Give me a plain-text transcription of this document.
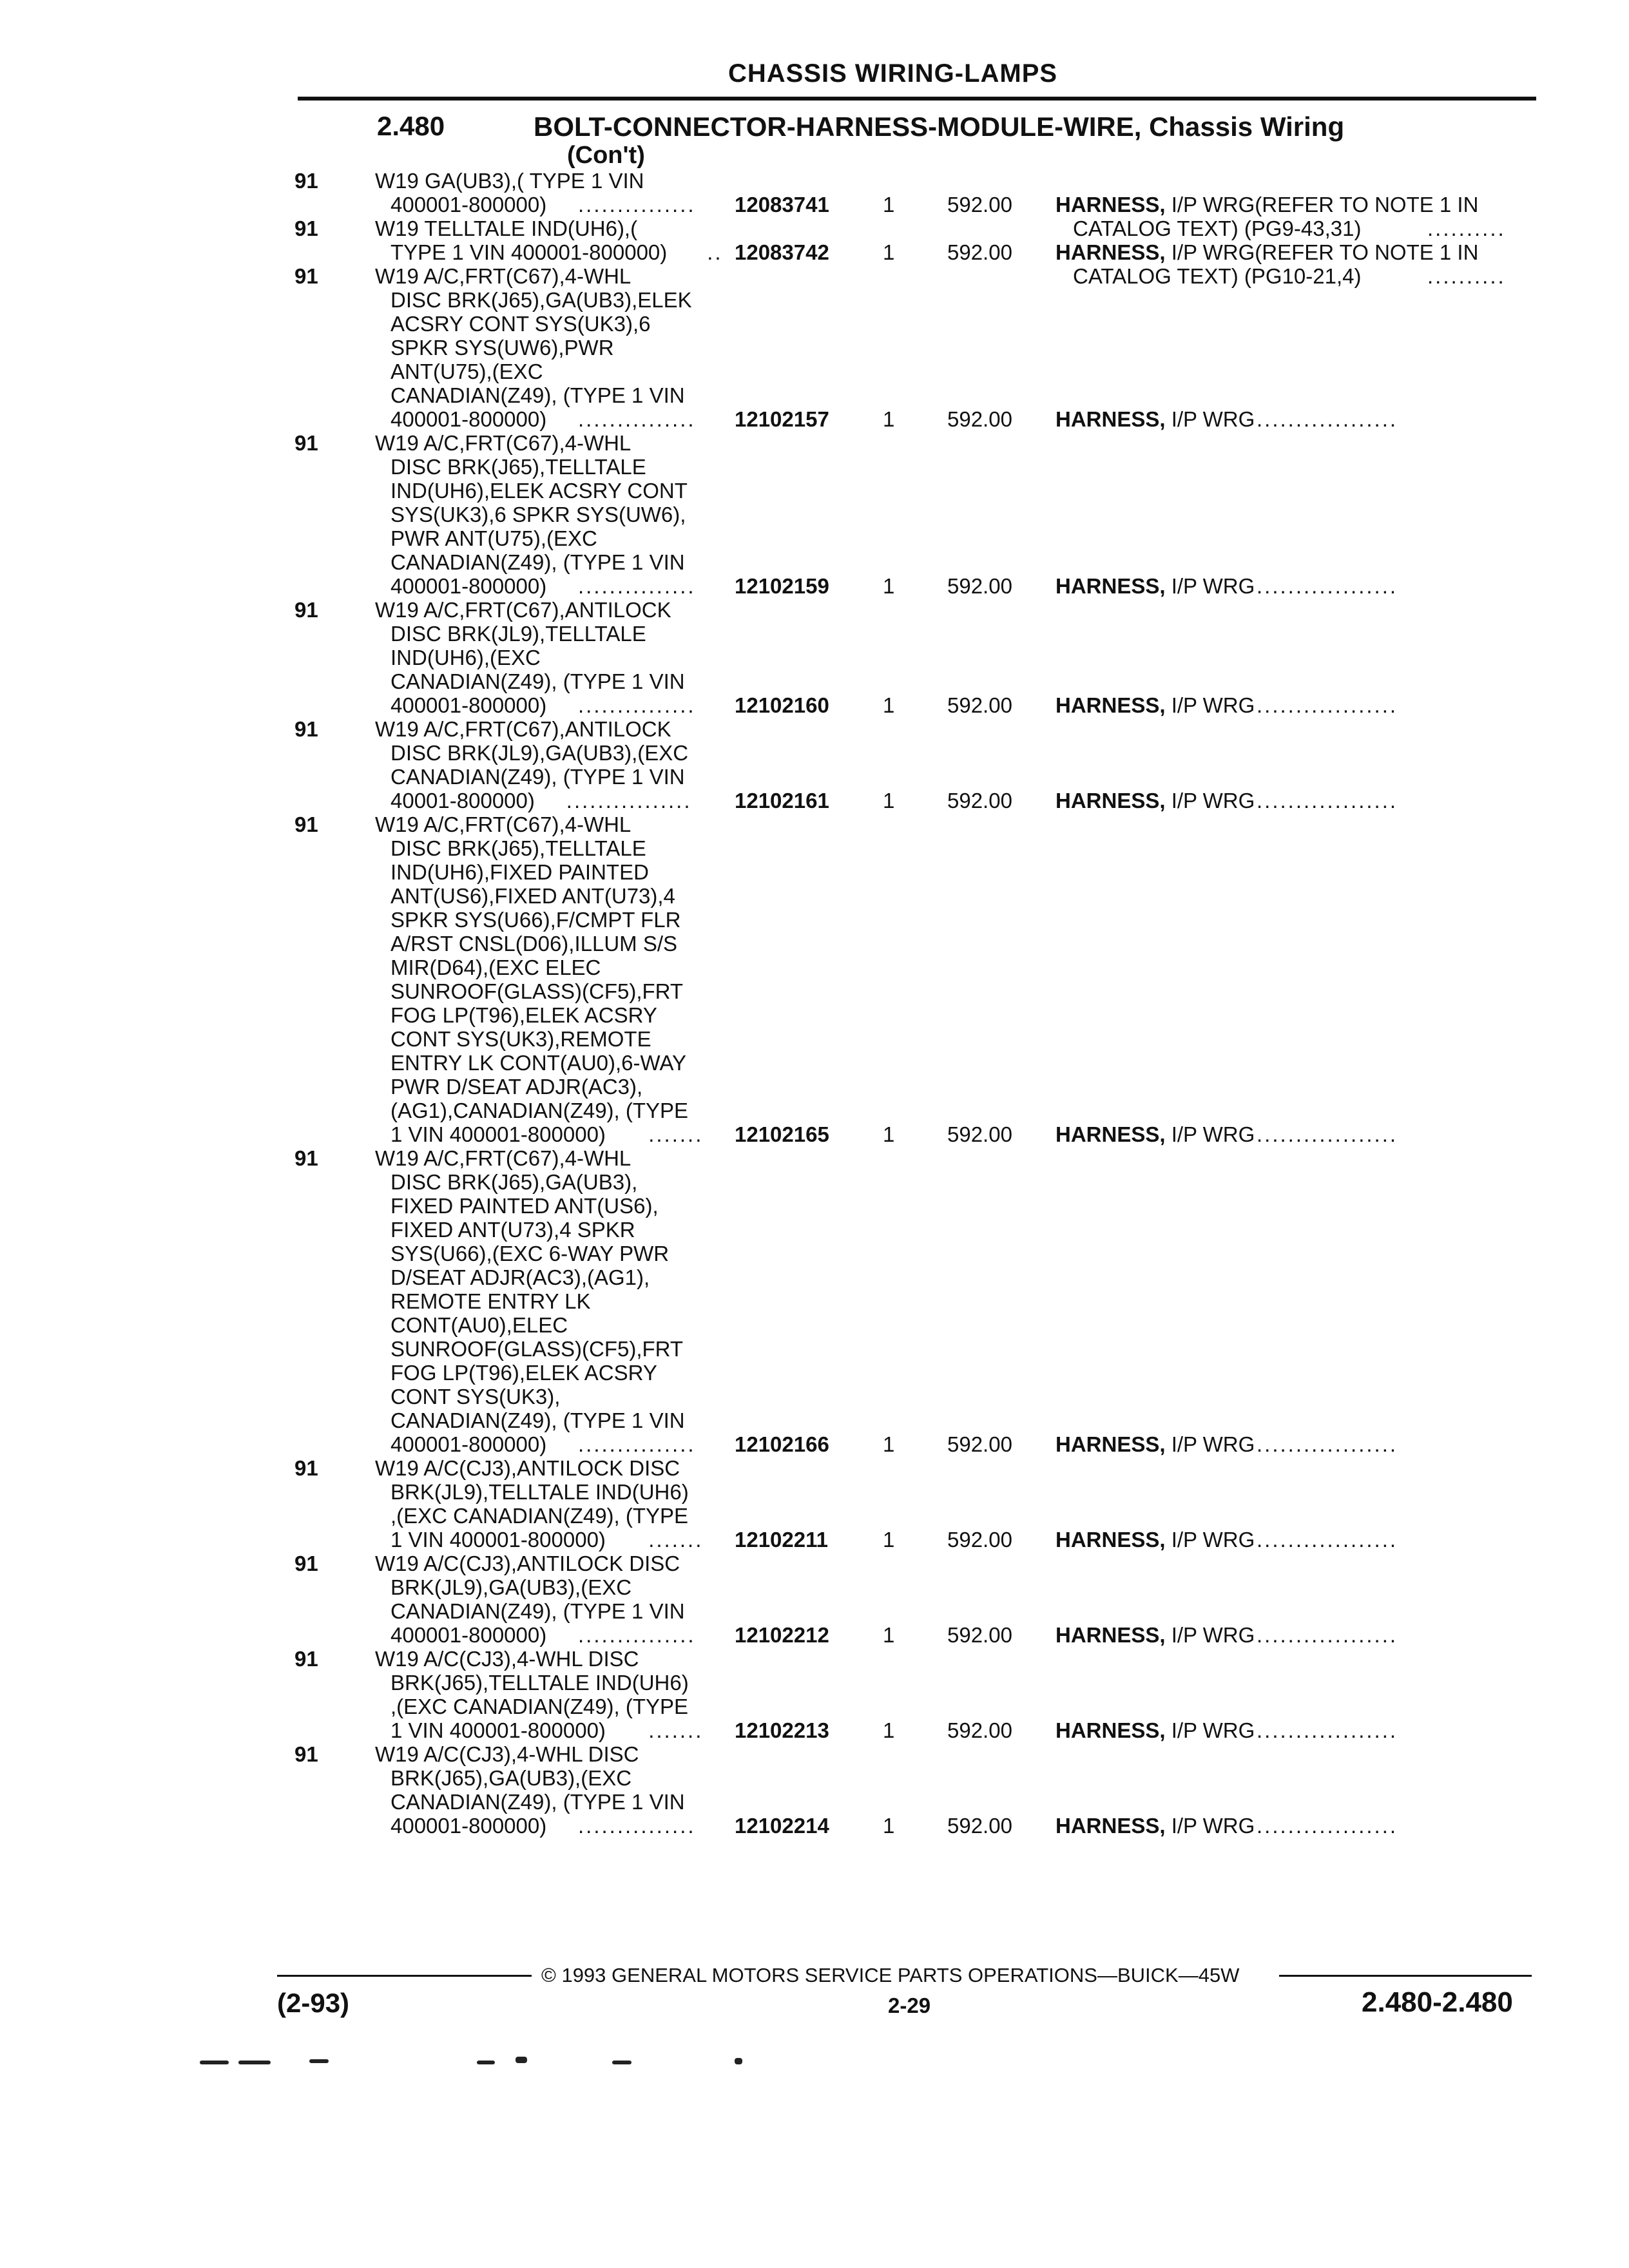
CHASSIS WIRING-LAMPS
2.480	BOLT-CONNECTOR-HARNESS-MODULE-WIRE, Chassis Wiring
(Con't)
91	W19 GA(UB3),( TYPE 1 VIN
400001-800000)	............... 12083741	1 592.00 HARNESS, I/P WRG(REFER TO NOTE 1 IN
CATALOG TEXT) (PG9-43,31)	..........
91	W19 TELLTALE IND(UH6),(
TYPE 1 VIN 400001-800000)	.. 12083742	1 592.00 HARNESS, I/P WRG(REFER TO NOTE 1 IN
CATALOG TEXT) (PG10-21,4)	..........
91	W19 A/C,FRT(C67),4-WHL
DISC BRK(J65),GA(UB3),ELEK
ACSRY CONT SYS(UK3),6
SPKR SYS(UW6),PWR
ANT(U75),(EXC
CANADIAN(Z49), (TYPE 1 VIN
400001-800000)	............... 12102157	1 592.00 HARNESS, I/P WRG ..................
91	W19 A/C,FRT(C67),4-WHL
DISC BRK(J65),TELLTALE
IND(UH6),ELEK ACSRY CONT
SYS(UK3),6 SPKR SYS(UW6),
PWR ANT(U75),(EXC
CANADIAN(Z49), (TYPE 1 VIN
400001-800000)	............... 12102159	1 592.00 HARNESS, I/P WRG ..................
91	W19 A/C,FRT(C67),ANTILOCK
DISC BRK(JL9),TELLTALE
IND(UH6),(EXC
CANADIAN(Z49), (TYPE 1 VIN
400001-800000)	............... 12102160	1 592.00 HARNESS, I/P WRG ..................
91	W19 A/C,FRT(C67),ANTILOCK
DISC BRK(JL9),GA(UB3),(EXC
CANADIAN(Z49), (TYPE 1 VIN
40001-800000)	................ 12102161	1 592.00 HARNESS, I/P WRG ..................
91	W19 A/C,FRT(C67),4-WHL
DISC BRK(J65),TELLTALE
IND(UH6),FIXED PAINTED
ANT(US6),FIXED ANT(U73),4
SPKR SYS(U66),F/CMPT FLR
A/RST CNSL(D06),ILLUM S/S
MIR(D64),(EXC ELEC
SUNROOF(GLASS)(CF5),FRT
FOG LP(T96),ELEK ACSRY
CONT SYS(UK3),REMOTE
ENTRY LK CONT(AU0),6-WAY
PWR D/SEAT ADJR(AC3),
(AG1),CANADIAN(Z49), (TYPE
1 VIN 400001-800000)	....... 12102165	1 592.00 HARNESS, I/P WRG ..................
91	W19 A/C,FRT(C67),4-WHL
DISC BRK(J65),GA(UB3),
FIXED PAINTED ANT(US6),
FIXED ANT(U73),4 SPKR
SYS(U66),(EXC 6-WAY PWR
D/SEAT ADJR(AC3),(AG1),
REMOTE ENTRY LK
CONT(AU0),ELEC
SUNROOF(GLASS)(CF5),FRT
FOG LP(T96),ELEK ACSRY
CONT SYS(UK3),
CANADIAN(Z49), (TYPE 1 VIN
400001-800000)	............... 12102166	1 592.00 HARNESS, I/P WRG ..................
91	W19 A/C(CJ3),ANTILOCK DISC
BRK(JL9),TELLTALE IND(UH6)
,(EXC CANADIAN(Z49), (TYPE
1 VIN 400001-800000)	....... 12102211	1 592.00 HARNESS, I/P WRG ..................
91	W19 A/C(CJ3),ANTILOCK DISC
BRK(JL9),GA(UB3),(EXC
CANADIAN(Z49), (TYPE 1 VIN
400001-800000)	............... 12102212	1 592.00 HARNESS, I/P WRG ..................
91	W19 A/C(CJ3),4-WHL DISC
BRK(J65),TELLTALE IND(UH6)
,(EXC CANADIAN(Z49), (TYPE
1 VIN 400001-800000)	....... 12102213	1 592.00 HARNESS, I/P WRG ..................
91	W19 A/C(CJ3),4-WHL DISC
BRK(J65),GA(UB3),(EXC
CANADIAN(Z49), (TYPE 1 VIN
400001-800000)	............... 12102214	1 592.00 HARNESS, I/P WRG ..................
© 1993 GENERAL MOTORS SERVICE PARTS OPERATIONS—BUICK—45W
(2-93)	2-29	2.480-2.480
